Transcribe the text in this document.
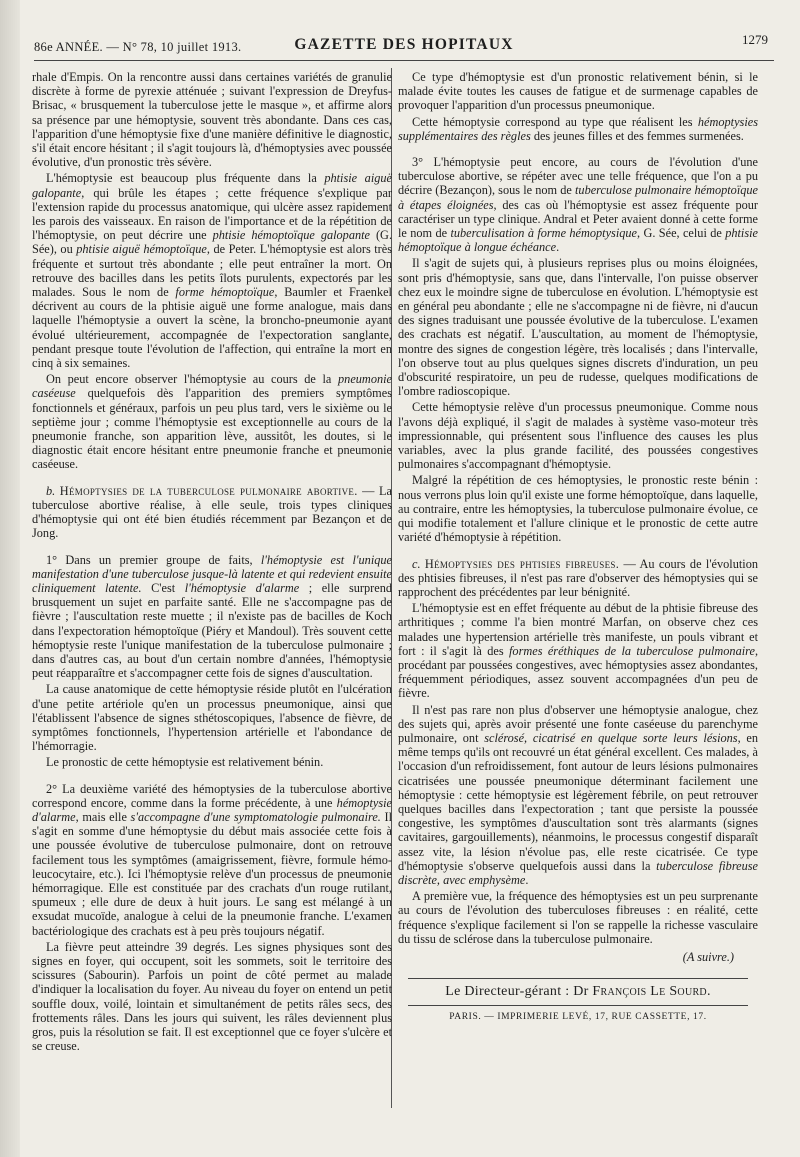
86e ANNÉE. — N° 78, 10 juillet 1913.	GAZETTE DES HOPITAUX	1279

rhale d'Empis. On la rencontre aussi dans certaines variétés de granulie discrète à forme de pyrexie atténuée ; suivant l'expression de Dreyfus-Brisac, « brusquement la tuberculose jette le masque », et affirme alors sa présence par une hémoptysie, souvent très abondante. Dans ces cas, l'apparition d'une hémoptysie fixe d'une manière définitive le diagnostic, s'il était encore hésitant ; il s'agit toujours là, d'hémoptysies avec poussée évolutive, d'un pronostic très sévère.

L'hémoptysie est beaucoup plus fréquente dans la phtisie aiguë galopante, qui brûle les étapes ; cette fréquence s'explique par l'extension rapide du processus anatomique, qui ulcère assez rapidement les parois des vaisseaux. En raison de l'importance et de la répétition de l'hémoptysie, on peut décrire une phtisie hémoptoïque galopante (G. Sée), ou phtisie aiguë hémoptoïque, de Peter. L'hémoptysie est alors très fréquente et surtout très abondante ; elle peut entraîner la mort. On retrouve des bacilles dans les petits îlots purulents, expectorés par les malades. Sous le nom de forme hémoptoïque, Baumler et Fraenkel décrivent au cours de la phtisie aiguë une forme analogue, mais dans laquelle l'hémoptysie a ouvert la scène, la broncho-pneumonie ayant évolué ultérieurement, accompagnée de l'expectoration sanglante, pendant presque toute l'évolution de l'affection, qui entraîne la mort en cinq à six semaines.

On peut encore observer l'hémoptysie au cours de la pneumonie caséeuse quelquefois dès l'apparition des premiers symptômes fonctionnels et généraux, parfois un peu plus tard, vers le sixième ou le septième jour ; comme l'hémoptysie est exceptionnelle au cours de la pneumonie franche, son apparition lève, aussitôt, les doutes, si le diagnostic était encore hésitant entre pneumonie franche et pneumonie caséeuse.

b. Hémoptysies de la tuberculose pulmonaire abortive. — La tuberculose abortive réalise, à elle seule, trois types cliniques d'hémoptysie qui ont été bien étudiés récemment par Bezançon et de Jong.

1° Dans un premier groupe de faits, l'hémoptysie est l'unique manifestation d'une tuberculose jusque-là latente et qui redevient ensuite cliniquement latente. C'est l'hémoptysie d'alarme ; elle surprend brusquement un sujet en parfaite santé. Elle ne s'accompagne pas de fièvre ; l'auscultation reste muette ; il n'existe pas de bacilles de Koch dans l'expectoration hémoptoïque (Piéry et Mandoul). Très souvent cette hémoptysie reste l'unique manifestation de la tuberculose pulmonaire ; dans d'autres cas, au bout d'un certain nombre d'années, l'hémoptysie peut réapparaître et s'accompagner cette fois de signes d'auscultation.

La cause anatomique de cette hémoptysie réside plutôt en l'ulcération d'une petite artériole qu'en un processus pneumonique, ainsi que l'établissent l'absence de signes sthétoscopiques, l'absence de fièvre, de symptômes fonctionnels, l'hypertension artérielle et l'abondance de l'hémorragie.

Le pronostic de cette hémoptysie est relativement bénin.

2° La deuxième variété des hémoptysies de la tuberculose abortive correspond encore, comme dans la forme précédente, à une hémoptysie d'alarme, mais elle s'accompagne d'une symptomatologie pulmonaire. Il s'agit en somme d'une hémoptysie du début mais associée cette fois à une poussée évolutive de tuberculose pulmonaire, dont on retrouve facilement tous les symptômes (amaigrissement, fièvre, formule hémo-leucocytaire, etc.). Ici l'hémoptysie relève d'un processus de pneumonie hémorragique. Elle est constituée par des crachats d'un rouge rutilant, spumeux ; elle dure de deux à huit jours. Le sang est mélangé à un exsudat mucoïde, analogue à celui de la pneumonie franche. L'examen bactériologique des crachats est à peu près toujours négatif.

La fièvre peut atteindre 39 degrés. Les signes physiques sont des signes en foyer, qui occupent, soit les sommets, soit le territoire des scissures (Sabourin). Parfois un point de côté permet au malade d'indiquer la localisation du foyer. Au niveau du foyer on entend un petit souffle doux, voilé, lointain et simultanément de petits râles secs, des frottements râles. Dans les jours qui suivent, les râles deviennent plus gros, puis la résolution se fait. Il est exceptionnel que ce foyer s'ulcère et se creuse.

Ce type d'hémoptysie est d'un pronostic relativement bénin, si le malade évite toutes les causes de fatigue et de surmenage capables de provoquer l'apparition d'un processus pneumonique.

Cette hémoptysie correspond au type que réalisent les hémoptysies supplémentaires des règles des jeunes filles et des femmes surmenées.

3° L'hémoptysie peut encore, au cours de l'évolution d'une tuberculose abortive, se répéter avec une telle fréquence, que l'on a pu décrire (Bezançon), sous le nom de tuberculose pulmonaire hémoptoïque à étapes éloignées, des cas où l'hémoptysie est assez fréquente pour caractériser un type clinique. Andral et Peter avaient donné à cette forme le nom de tuberculisation à forme hémoptysique, G. Sée, celui de phtisie hémoptoïque à longue échéance.

Il s'agit de sujets qui, à plusieurs reprises plus ou moins éloignées, sont pris d'hémoptysie, sans que, dans l'intervalle, l'on puisse observer chez eux le moindre signe de tuberculose en évolution. L'hémoptysie est en général peu abondante ; elle ne s'accompagne ni de fièvre, ni d'aucun des signes traduisant une poussée évolutive de la tuberculose. L'examen des crachats est négatif. L'auscultation, au moment de l'hémoptysie, montre des signes de congestion légère, très localisés ; dans l'intervalle, l'on observe tout au plus quelques signes discrets d'induration, un peu d'obscurité respiratoire, un peu de rudesse, quelques modifications de l'ombre radioscopique.

Cette hémoptysie relève d'un processus pneumonique. Comme nous l'avons déjà expliqué, il s'agit de malades à système vaso-moteur très impressionnable, qui présentent sous l'influence des causes les plus variables, avec la plus grande facilité, des poussées congestives pulmonaires s'accompagnant d'hémoptysie.

Malgré la répétition de ces hémoptysies, le pronostic reste bénin : nous verrons plus loin qu'il existe une forme hémoptoïque, dans laquelle, au contraire, entre les hémoptysies, la tuberculose pulmonaire évolue, ce qui modifie totalement et l'allure clinique et le pronostic de cette autre variété d'hémoptysie à répétition.

c. Hémoptysies des phtisies fibreuses. — Au cours de l'évolution des phtisies fibreuses, il n'est pas rare d'observer des hémoptysies qui se rapprochent des précédentes par leur bénignité.

L'hémoptysie est en effet fréquente au début de la phtisie fibreuse des arthritiques ; comme l'a bien montré Marfan, on observe chez ces malades une hypertension artérielle très manifeste, un pouls vibrant et fort : il s'agit là des formes éréthiques de la tuberculose pulmonaire, procédant par poussées congestives, avec hémoptysies assez abondantes, fréquemment périodiques, assez souvent accompagnées d'un peu de fièvre.

Il n'est pas rare non plus d'observer une hémoptysie analogue, chez des sujets qui, après avoir présenté une fonte caséeuse du parenchyme pulmonaire, ont sclérosé, cicatrisé en quelque sorte leurs lésions, en même temps qu'ils ont recouvré un état général excellent. Ces malades, à l'occasion d'un refroidissement, font autour de leurs lésions pulmonaires cicatrisées une poussée pneumonique déterminant facilement une hémoptysie : cette hémoptysie est légèrement fébrile, on peut retrouver quelques bacilles dans l'expectoration ; tant que persiste la poussée congestive, les symptômes d'auscultation sont très alarmants (signes cavitaires, gargouillements), néanmoins, le processus congestif disparaît assez vite, la lésion n'évolue pas, elle reste cicatrisée. Ce type d'hémoptysie s'observe quelquefois aussi dans la tuberculose fibreuse discrète, avec emphysème.

A première vue, la fréquence des hémoptysies est un peu surprenante au cours de l'évolution des tuberculoses fibreuses : en réalité, cette fréquence s'explique facilement si l'on se rappelle la richesse vasculaire du tissu de sclérose dans la tuberculose pulmonaire.

(A suivre.)
Le Directeur-gérant : Dr François Le Sourd.
PARIS. — IMPRIMERIE LEVÉ, 17, RUE CASSETTE, 17.
